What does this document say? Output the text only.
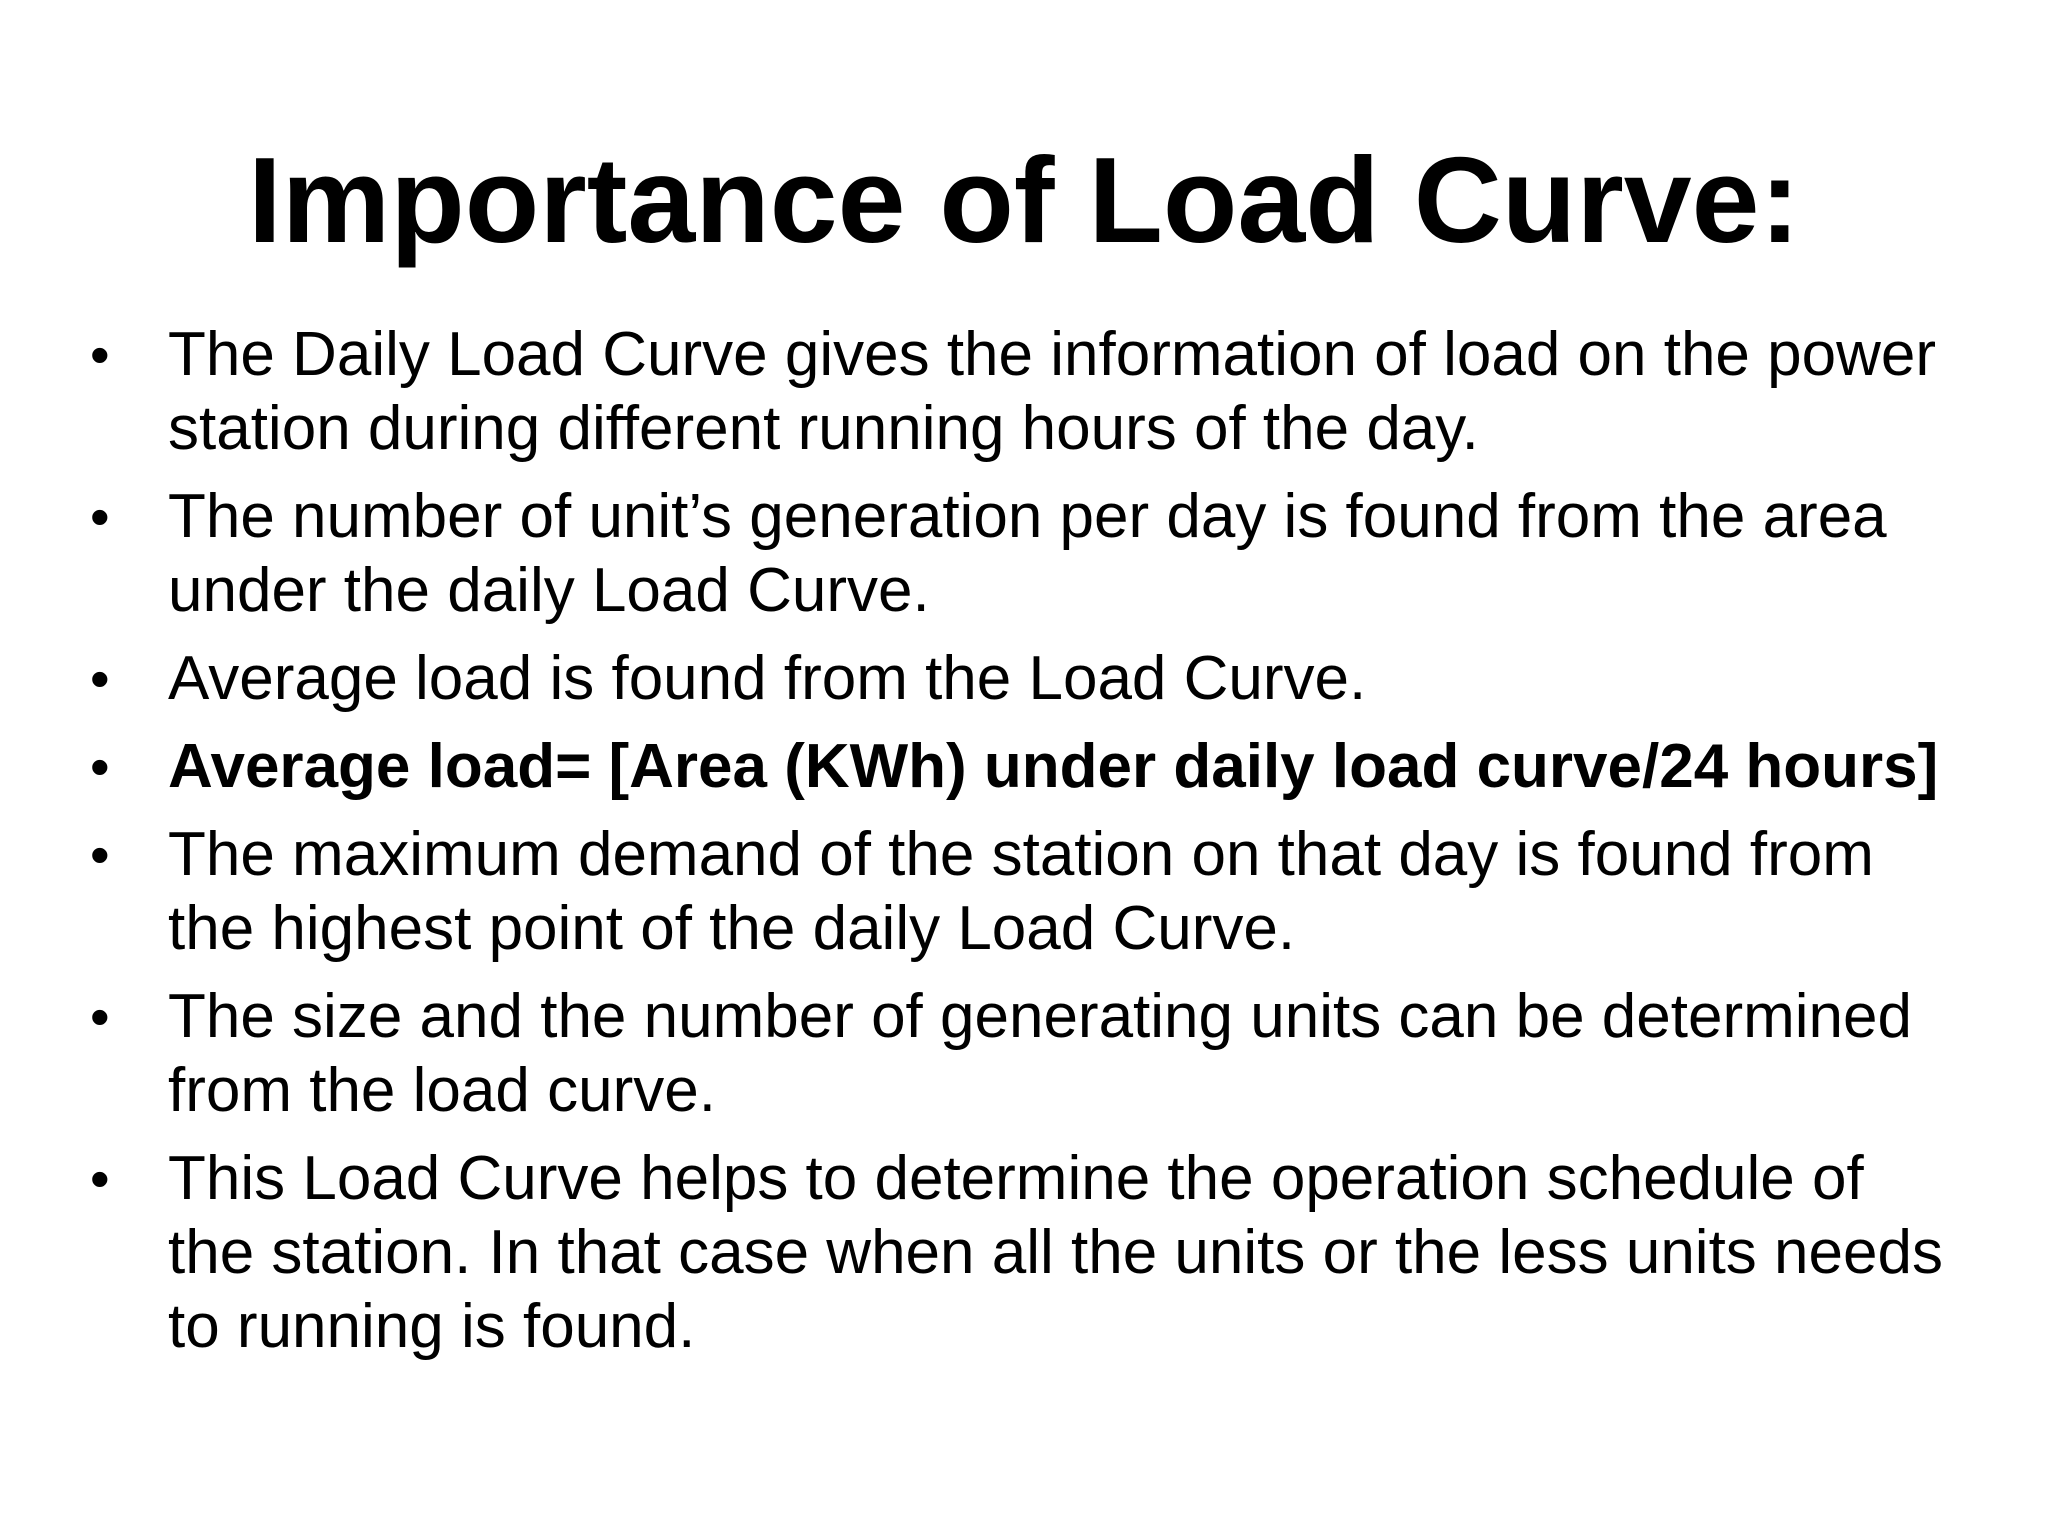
Importance of Load Curve:
• The Daily Load Curve gives the information of load on the power station during different running hours of the day.
• The number of unit’s generation per day is found from the area under the daily Load Curve.
• Average load is found from the Load Curve.
• Average load= [Area (KWh) under daily load curve/24 hours]
• The maximum demand of the station on that day is found from the highest point of the daily Load Curve.
• The size and the number of generating units can be determined from the load curve.
• This Load Curve helps to determine the operation schedule of the station. In that case when all the units or the less units needs to running is found.
